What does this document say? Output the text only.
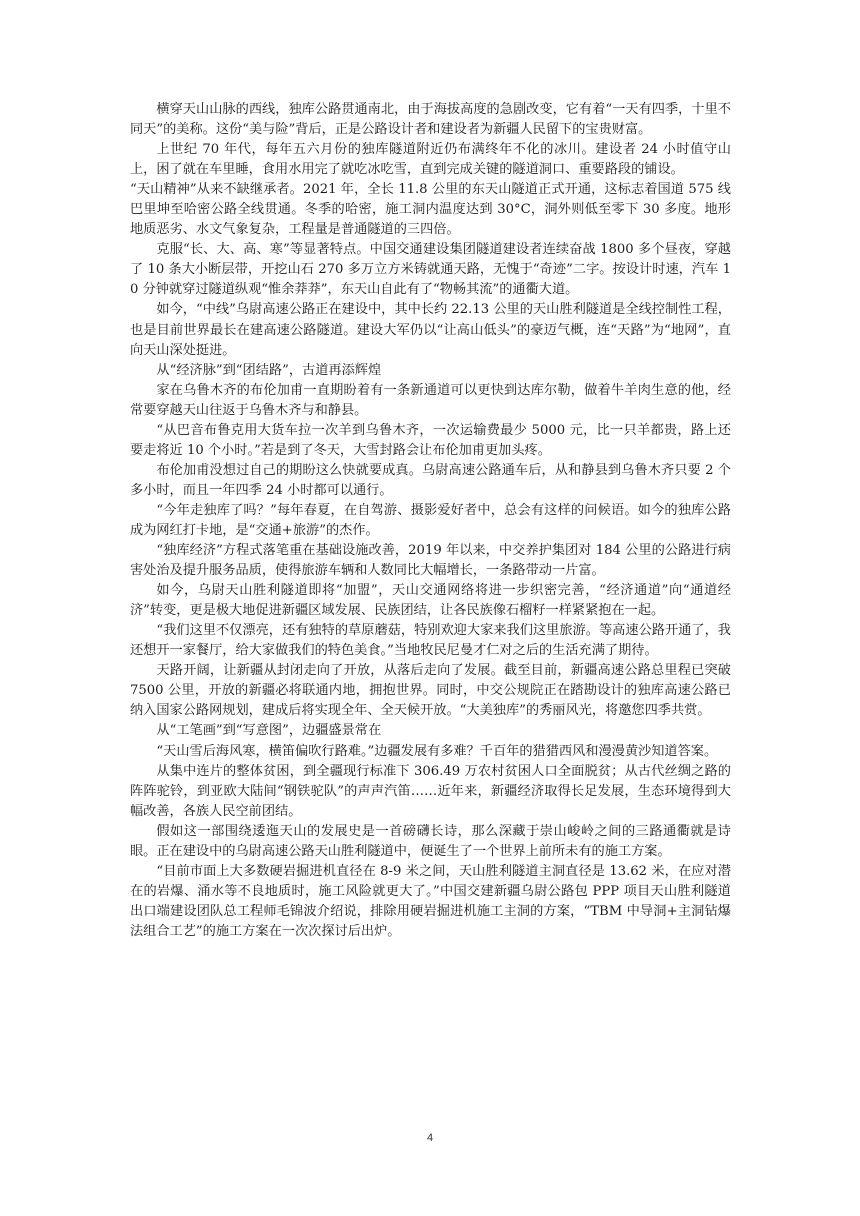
横穿天山山脉的西线，独库公路贯通南北，由于海拔高度的急剧改变，它有着“一天有四季，十里不同天”的美称。这份“美与险”背后，正是公路设计者和建设者为新疆人民留下的宝贵财富。

上世纪 70 年代，每年五六月份的独库隧道附近仍布满终年不化的冰川。建设者 24 小时值守山上，困了就在车里睡，食用水用完了就吃冰吃雪，直到完成关键的隧道洞口、重要路段的铺设。

“天山精神”从来不缺继承者。2021 年，全长 11.8 公里的东天山隧道正式开通，这标志着国道 575 线巴里坤至哈密公路全线贯通。冬季的哈密，施工洞内温度达到 30°C，洞外则低至零下 30 多度。地形地质恶劣、水文气象复杂，工程量是普通隧道的三四倍。

克服“长、大、高、寒”等显著特点。中国交通建设集团隧道建设者连续奋战 1800 多个昼夜，穿越了 10 条大小断层带，开挖山石 270 多万立方米铸就通天路，无愧于“奇迹”二字。按设计时速，汽车 10 分钟就穿过隧道纵观“惟余莽莽”，东天山自此有了“物畅其流”的通衢大道。

如今，“中线”乌尉高速公路正在建设中，其中长约 22.13 公里的天山胜利隧道是全线控制性工程，也是目前世界最长在建高速公路隧道。建设大军仍以“让高山低头”的豪迈气概，连“天路”为“地网”，直向天山深处挺进。

从“经济脉”到“团结路”，古道再添辉煌

家在乌鲁木齐的布伦加甫一直期盼着有一条新通道可以更快到达库尔勒，做着牛羊肉生意的他，经常要穿越天山往返于乌鲁木齐与和静县。

“从巴音布鲁克用大货车拉一次羊到乌鲁木齐，一次运输费最少 5000 元，比一只羊都贵，路上还要走将近 10 个小时。”若是到了冬天，大雪封路会让布伦加甫更加头疼。

布伦加甫没想过自己的期盼这么快就要成真。乌尉高速公路通车后，从和静县到乌鲁木齐只要 2 个多小时，而且一年四季 24 小时都可以通行。

“今年走独库了吗？”每年春夏，在自驾游、摄影爱好者中，总会有这样的问候语。如今的独库公路成为网红打卡地，是“交通+旅游”的杰作。

“独库经济”方程式落笔重在基础设施改善，2019 年以来，中交养护集团对 184 公里的公路进行病害处治及提升服务品质，使得旅游车辆和人数同比大幅增长，一条路带动一片富。

如今，乌尉天山胜利隧道即将“加盟”，天山交通网络将进一步织密完善，“经济通道”向“通道经济”转变，更是极大地促进新疆区域发展、民族团结，让各民族像石榴籽一样紧紧抱在一起。

“我们这里不仅漂亮，还有独特的草原蘑菇，特别欢迎大家来我们这里旅游。等高速公路开通了，我还想开一家餐厅，给大家做我们的特色美食。”当地牧民尼曼才仁对之后的生活充满了期待。

天路开阔，让新疆从封闭走向了开放，从落后走向了发展。截至目前，新疆高速公路总里程已突破 7500 公里，开放的新疆必将联通内地，拥抱世界。同时，中交公规院正在踏勘设计的独库高速公路已纳入国家公路网规划，建成后将实现全年、全天候开放。“大美独库”的秀丽风光，将邀您四季共赏。

从“工笔画”到“写意图”，边疆盛景常在

“天山雪后海风寒，横笛偏吹行路难。”边疆发展有多难？千百年的猎猎西风和漫漫黄沙知道答案。

从集中连片的整体贫困，到全疆现行标准下 306.49 万农村贫困人口全面脱贫；从古代丝绸之路的阵阵驼铃，到亚欧大陆间“钢铁驼队”的声声汽笛……近年来，新疆经济取得长足发展，生态环境得到大幅改善，各族人民空前团结。

假如这一部围绕逶迤天山的发展史是一首磅礴长诗，那么深藏于崇山峻岭之间的三路通衢就是诗眼。正在建设中的乌尉高速公路天山胜利隧道中，便诞生了一个世界上前所未有的施工方案。

“目前市面上大多数硬岩掘进机直径在 8-9 米之间，天山胜利隧道主洞直径是 13.62 米，在应对潜在的岩爆、涌水等不良地质时，施工风险就更大了。”中国交建新疆乌尉公路包 PPP 项目天山胜利隧道出口端建设团队总工程师毛锦波介绍说，排除用硬岩掘进机施工主洞的方案，“TBM 中导洞+主洞钻爆法组合工艺”的施工方案在一次次探讨后出炉。

4
